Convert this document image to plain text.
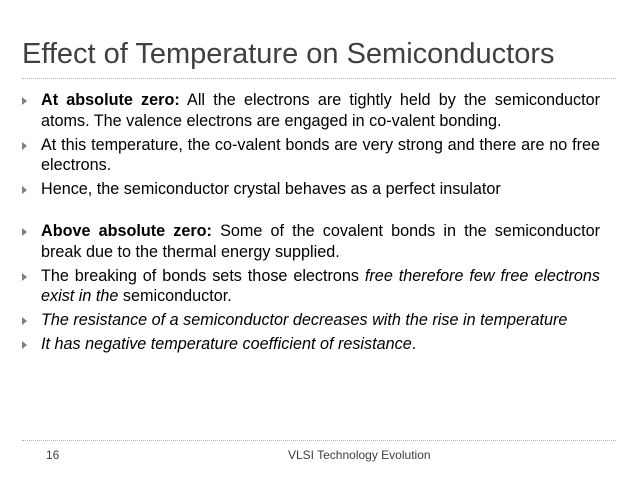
Effect of Temperature on Semiconductors
At absolute zero: All the electrons are tightly held by the semiconductor atoms. The valence electrons are engaged in co-valent bonding.
At this temperature, the co-valent bonds are very strong and there are no free electrons.
Hence, the semiconductor crystal behaves as a perfect insulator
Above absolute zero: Some of the covalent bonds in the semiconductor break due to the thermal energy supplied.
The breaking of bonds sets those electrons free therefore few free electrons exist in the semiconductor.
The resistance of a semiconductor decreases with the rise in temperature
It has negative temperature coefficient of resistance.
16	VLSI Technology Evolution
